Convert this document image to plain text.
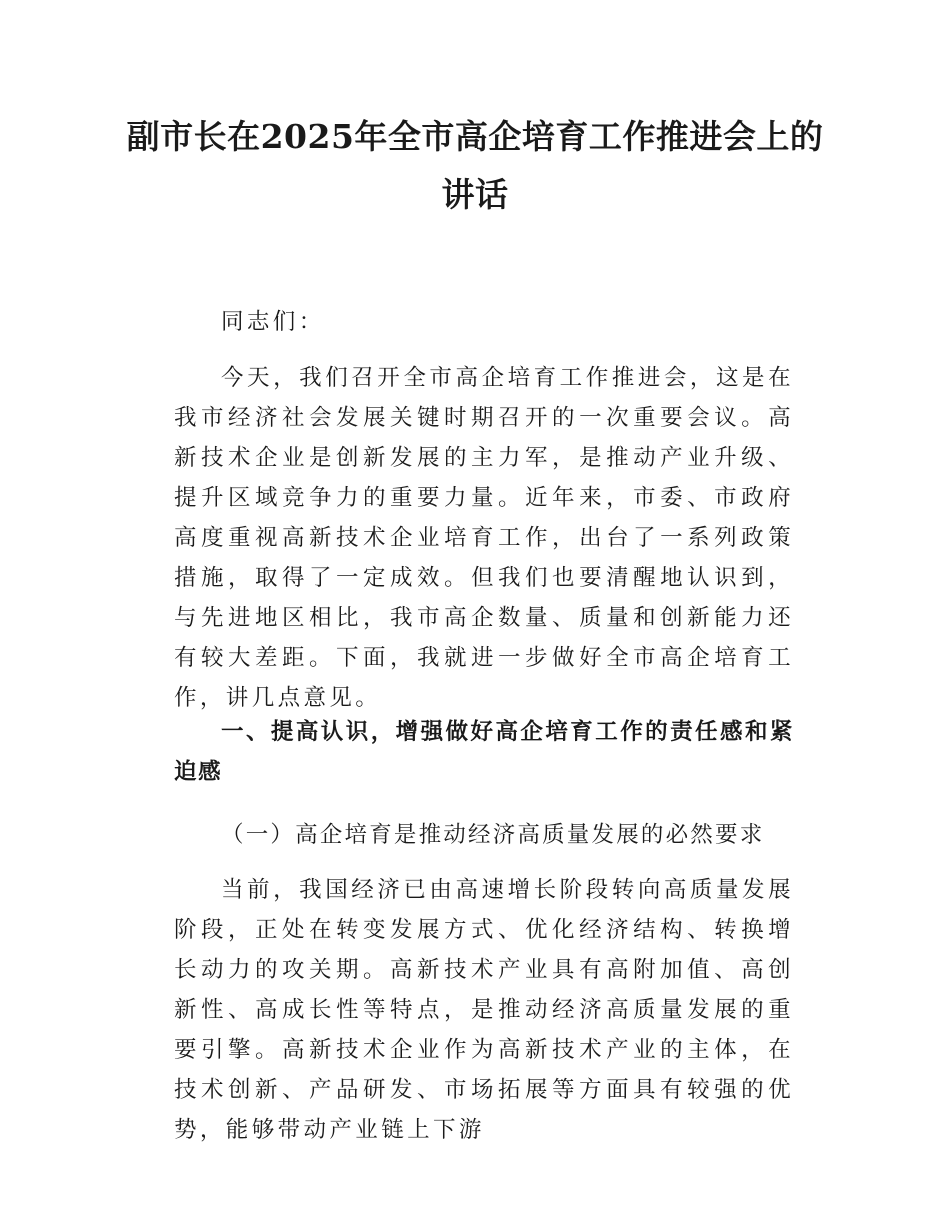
副市长在2025年全市高企培育工作推进会上的讲话

同志们：

今天，我们召开全市高企培育工作推进会，这是在我市经济社会发展关键时期召开的一次重要会议。高新技术企业是创新发展的主力军，是推动产业升级、提升区域竞争力的重要力量。近年来，市委、市政府高度重视高新技术企业培育工作，出台了一系列政策措施，取得了一定成效。但我们也要清醒地认识到，与先进地区相比，我市高企数量、质量和创新能力还有较大差距。下面，我就进一步做好全市高企培育工作，讲几点意见。

一、提高认识，增强做好高企培育工作的责任感和紧迫感

（一）高企培育是推动经济高质量发展的必然要求

当前，我国经济已由高速增长阶段转向高质量发展阶段，正处在转变发展方式、优化经济结构、转换增长动力的攻关期。高新技术产业具有高附加值、高创新性、高成长性等特点，是推动经济高质量发展的重要引擎。高新技术企业作为高新技术产业的主体，在技术创新、产品研发、市场拓展等方面具有较强的优势，能够带动产业链上下游
